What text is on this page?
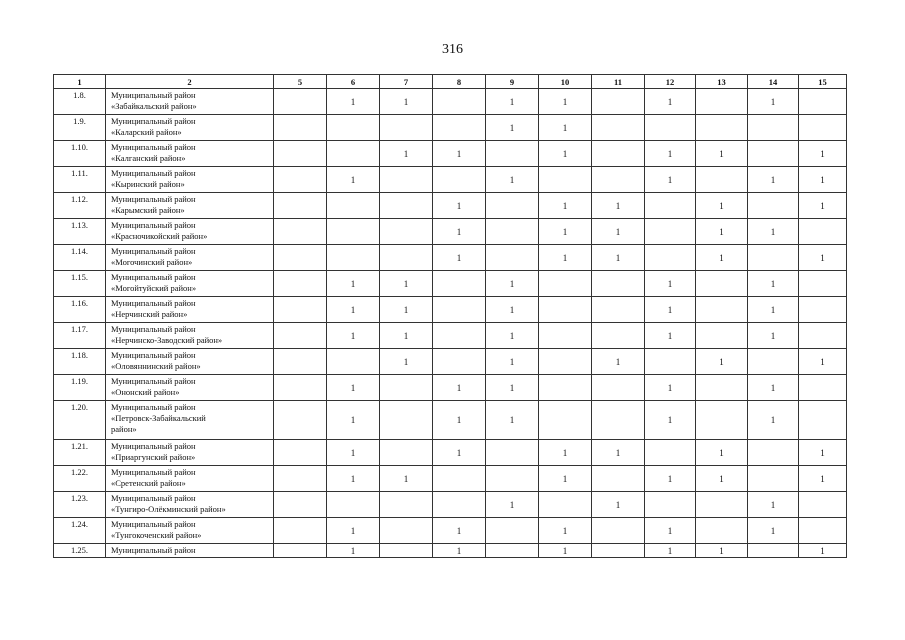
316
1	2	5	6	7	8	9	10	11	12	13	14	15
1.8.	Муниципальный район
«Забайкальский район»		1	1		1	1		1		1	
1.9.	Муниципальный район
«Каларский район»					1	1					
1.10.	Муниципальный район
«Калганский район»			1	1		1		1	1		1
1.11.	Муниципальный район
«Кыринский район»		1			1			1		1	1
1.12.	Муниципальный район
«Карымский район»				1		1	1		1		1
1.13.	Муниципальный район
«Красночикойский район»				1		1	1		1	1	
1.14.	Муниципальный район
«Могочинский район»				1		1	1		1		1
1.15.	Муниципальный район
«Могойтуйский район»		1	1		1			1		1	
1.16.	Муниципальный район
«Нерчинский район»		1	1		1			1		1	
1.17.	Муниципальный район
«Нерчинско-Заводский район»		1	1		1			1		1	
1.18.	Муниципальный район
«Оловяннинский район»			1		1		1		1		1
1.19.	Муниципальный район
«Ононский район»		1		1	1			1		1	
1.20.	Муниципальный район
«Петровск-Забайкальский
район»		1		1	1			1		1	
1.21.	Муниципальный район
«Приаргунский район»		1		1		1	1		1		1
1.22.	Муниципальный район
«Сретенский район»		1	1			1		1	1		1
1.23.	Муниципальный район
«Тунгиро-Олёкминский район»					1		1			1	
1.24.	Муниципальный район
«Тунгокоченский район»		1		1		1		1		1	
1.25.	Муниципальный район		1		1		1		1	1		1
